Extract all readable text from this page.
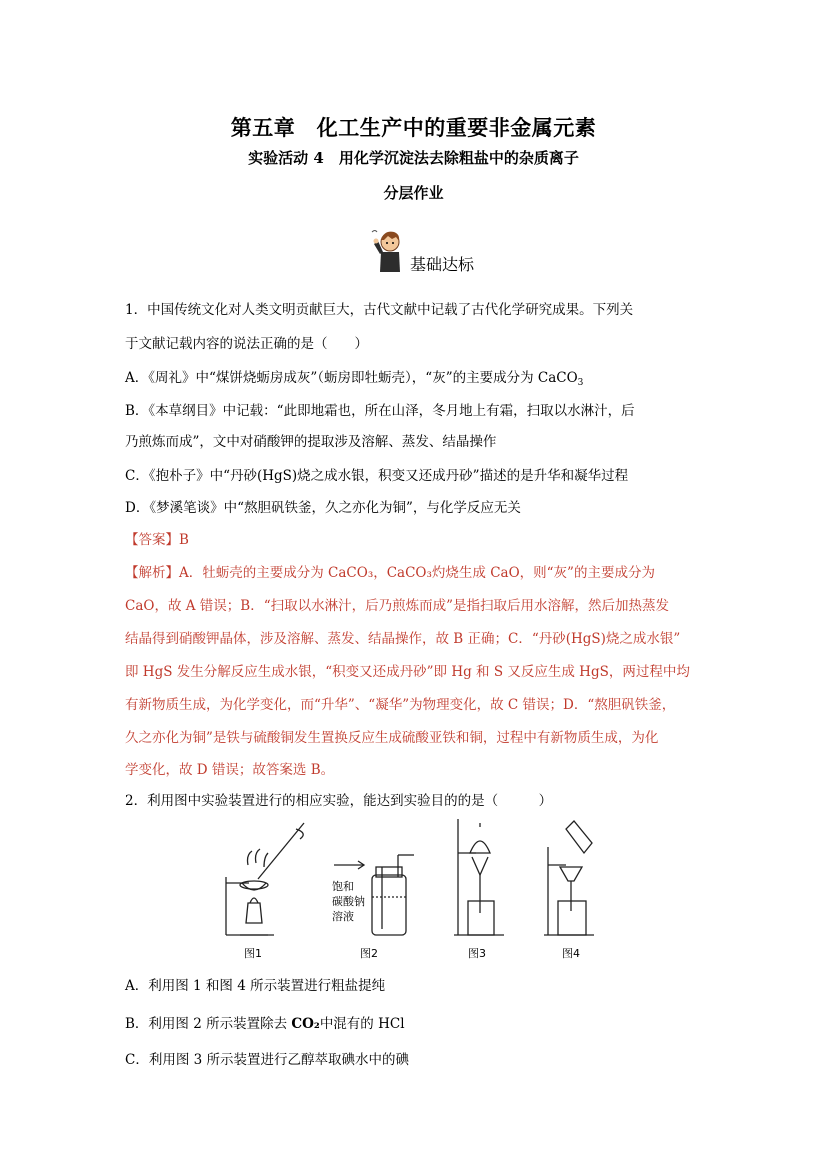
第五章　化工生产中的重要非金属元素
实验活动 4　用化学沉淀法去除粗盐中的杂质离子
分层作业
基础达标
1．中国传统文化对人类文明贡献巨大，古代文献中记载了古代化学研究成果。下列关
于文献记载内容的说法正确的是（　　）
A．《周礼》中“煤饼烧蛎房成灰”（蛎房即牡蛎壳），“灰”的主要成分为 CaCO$_3$
B．《本草纲目》中记载：“此即地霜也，所在山泽，冬月地上有霜，扫取以水淋汁，后
乃煎炼而成”，文中对硝酸钾的提取涉及溶解、蒸发、结晶操作
C．《抱朴子》中“丹砂(HgS)烧之成水银，积变又还成丹砂”描述的是升华和凝华过程
D．《梦溪笔谈》中“熬胆矾铁釜，久之亦化为铜”，与化学反应无关
【答案】B
【解析】A．牡蛎壳的主要成分为 CaCO₃，CaCO₃灼烧生成 CaO，则“灰”的主要成分为
CaO，故 A 错误；B．“扫取以水淋汁，后乃煎炼而成”是指扫取后用水溶解，然后加热蒸发
结晶得到硝酸钾晶体，涉及溶解、蒸发、结晶操作，故 B 正确；C．“丹砂(HgS)烧之成水银”
即 HgS 发生分解反应生成水银，“积变又还成丹砂”即 Hg 和 S 又反应生成 HgS，两过程中均
有新物质生成，为化学变化，而“升华”、“凝华”为物理变化，故 C 错误；D．“熬胆矾铁釜，
久之亦化为铜”是铁与硫酸铜发生置换反应生成硫酸亚铁和铜，过程中有新物质生成，为化
学变化，故 D 错误；故答案选 B。
2．利用图中实验装置进行的相应实验，能达到实验目的的是（　　　）
饱和
碳酸钠
溶液
图1	图2	图3	图4
A．利用图 1 和图 4 所示装置进行粗盐提纯
B．利用图 2 所示装置除去 CO₂中混有的 HCl
C．利用图 3 所示装置进行乙醇萃取碘水中的碘
